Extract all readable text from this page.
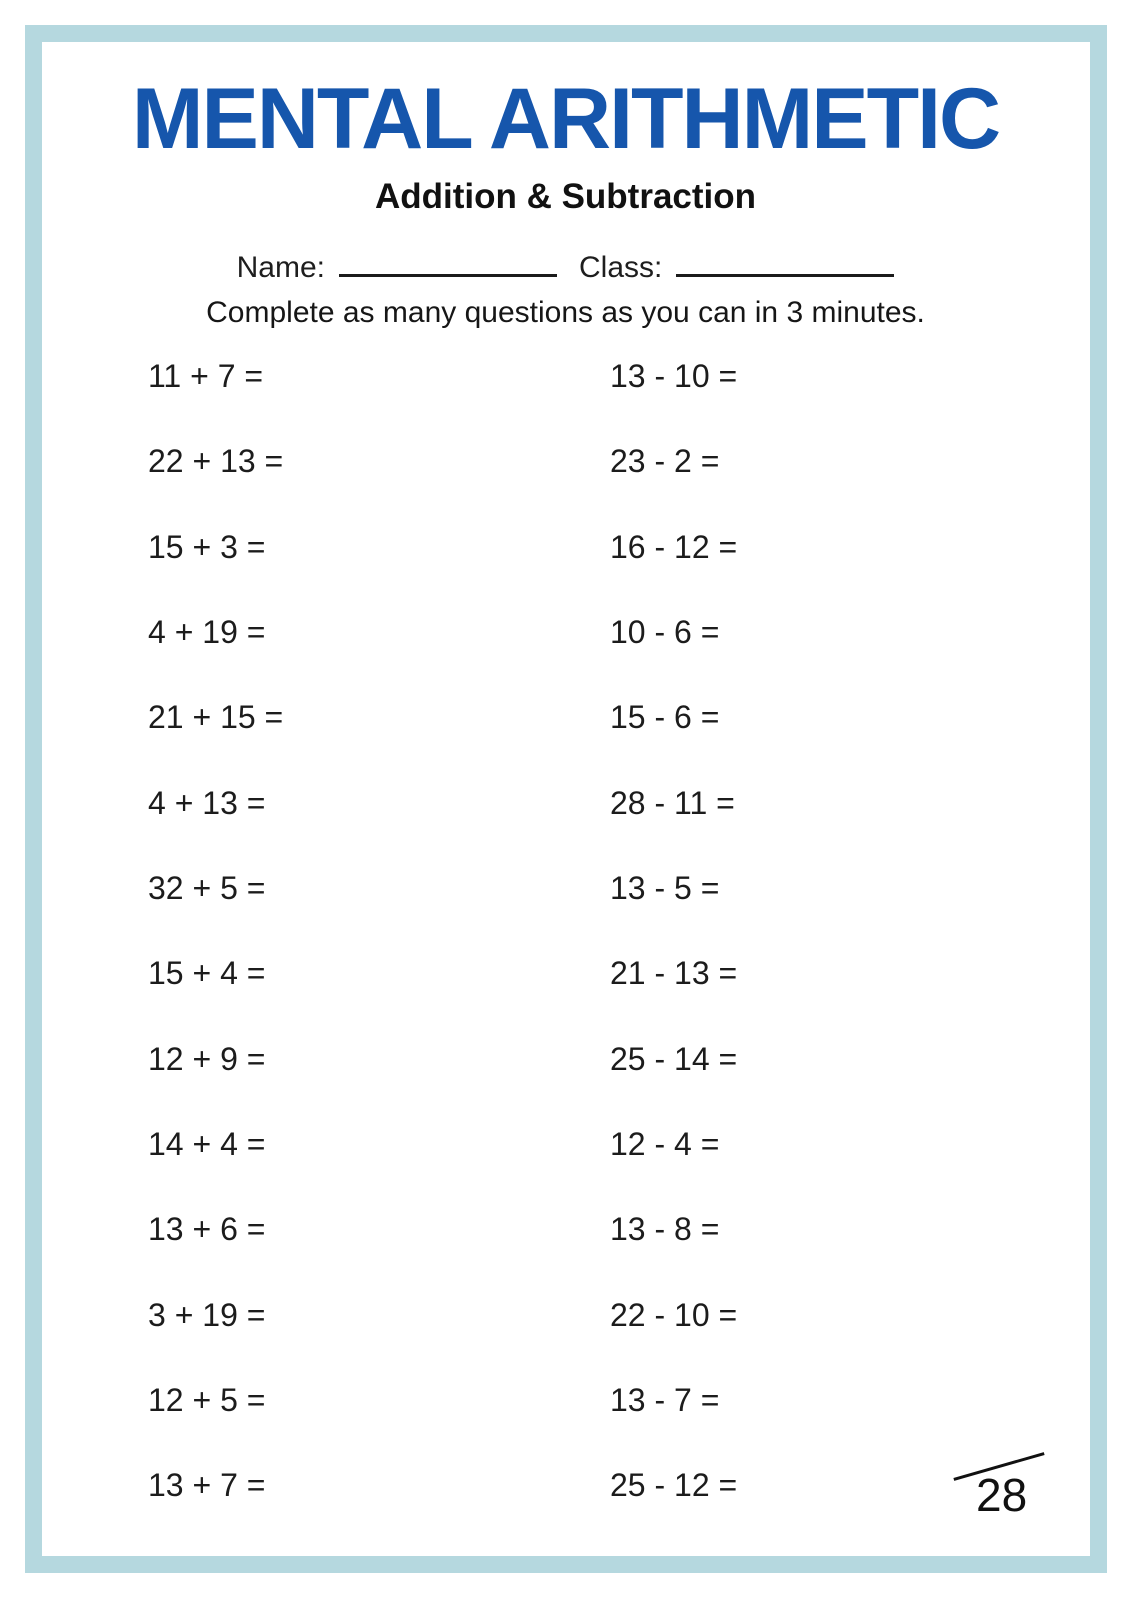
MENTAL ARITHMETIC
Addition & Subtraction
Name:	Class:

Complete as many questions as you can in 3 minutes.

11 + 7 =	13 - 10 =
22 + 13 =	23 - 2 =
15 + 3 =	16 - 12 =
4 + 19 =	10 - 6 =
21 + 15 =	15 - 6 =
4 + 13 =	28 - 11 =
32 + 5 =	13 - 5 =
15 + 4 =	21 - 13 =
12 + 9 =	25 - 14 =
14 + 4 =	12 - 4 =
13 + 6 =	13 - 8 =
3 + 19 =	22 - 10 =
12 + 5 =	13 - 7 =
13 + 7 =	25 - 12 =	28
